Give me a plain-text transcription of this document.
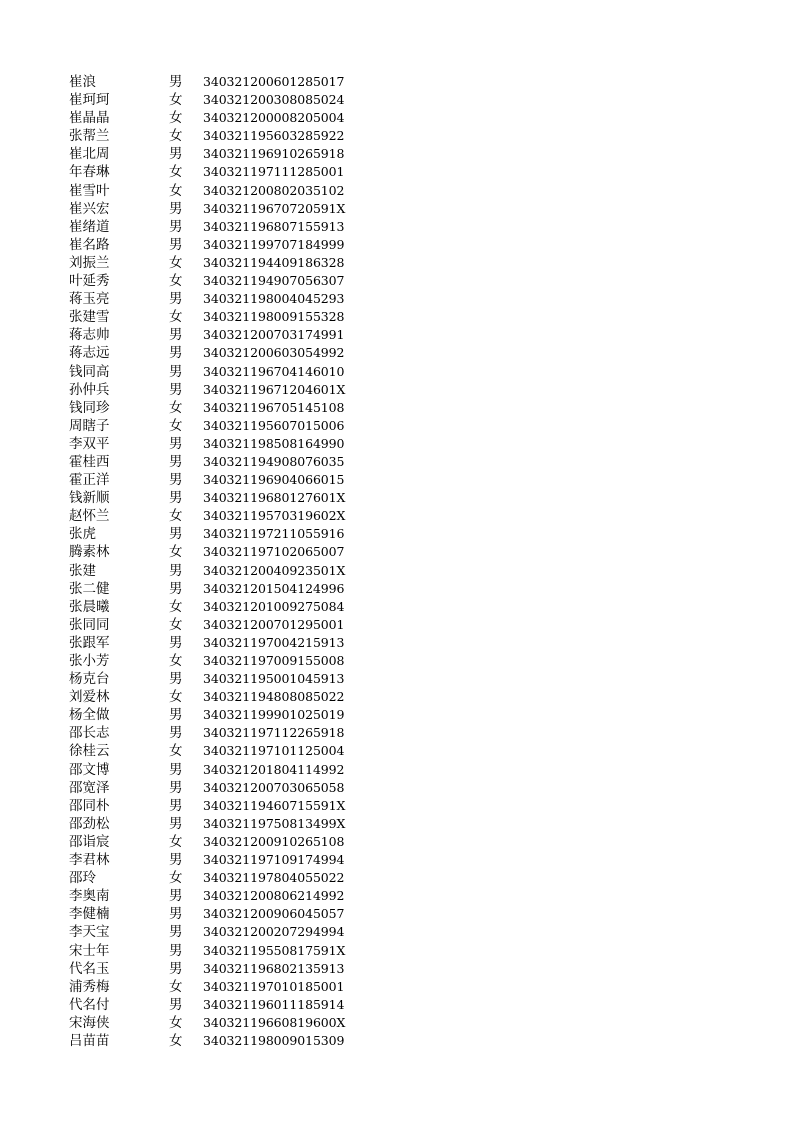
崔浪	男	340321200601285017
崔珂珂	女	340321200308085024
崔晶晶	女	340321200008205004
张帮兰	女	340321195603285922
崔北周	男	340321196910265918
年春琳	女	340321197111285001
崔雪叶	女	340321200802035102
崔兴宏	男	34032119670720591X
崔绪道	男	340321196807155913
崔名路	男	340321199707184999
刘振兰	女	340321194409186328
叶延秀	女	340321194907056307
蒋玉亮	男	340321198004045293
张建雪	女	340321198009155328
蒋志帅	男	340321200703174991
蒋志远	男	340321200603054992
钱同高	男	340321196704146010
孙仲兵	男	34032119671204601X
钱同珍	女	340321196705145108
周瞎子	女	340321195607015006
李双平	男	340321198508164990
霍桂西	男	340321194908076035
霍正洋	男	340321196904066015
钱新顺	男	34032119680127601X
赵怀兰	女	34032119570319602X
张虎	男	340321197211055916
腾素林	女	340321197102065007
张建	男	34032120040923501X
张二健	男	340321201504124996
张晨曦	女	340321201009275084
张同同	女	340321200701295001
张跟军	男	340321197004215913
张小芳	女	340321197009155008
杨克台	男	340321195001045913
刘爱林	女	340321194808085022
杨全做	男	340321199901025019
邵长志	男	340321197112265918
徐桂云	女	340321197101125004
邵文博	男	340321201804114992
邵宽泽	男	340321200703065058
邵同朴	男	34032119460715591X
邵劲松	男	34032119750813499X
邵诣宸	女	340321200910265108
李君林	男	340321197109174994
邵玲	女	340321197804055022
李奥南	男	340321200806214992
李健楠	男	340321200906045057
李天宝	男	340321200207294994
宋士年	男	34032119550817591X
代名玉	男	340321196802135913
浦秀梅	女	340321197010185001
代名付	男	340321196011185914
宋海侠	女	34032119660819600X
吕苗苗	女	340321198009015309
